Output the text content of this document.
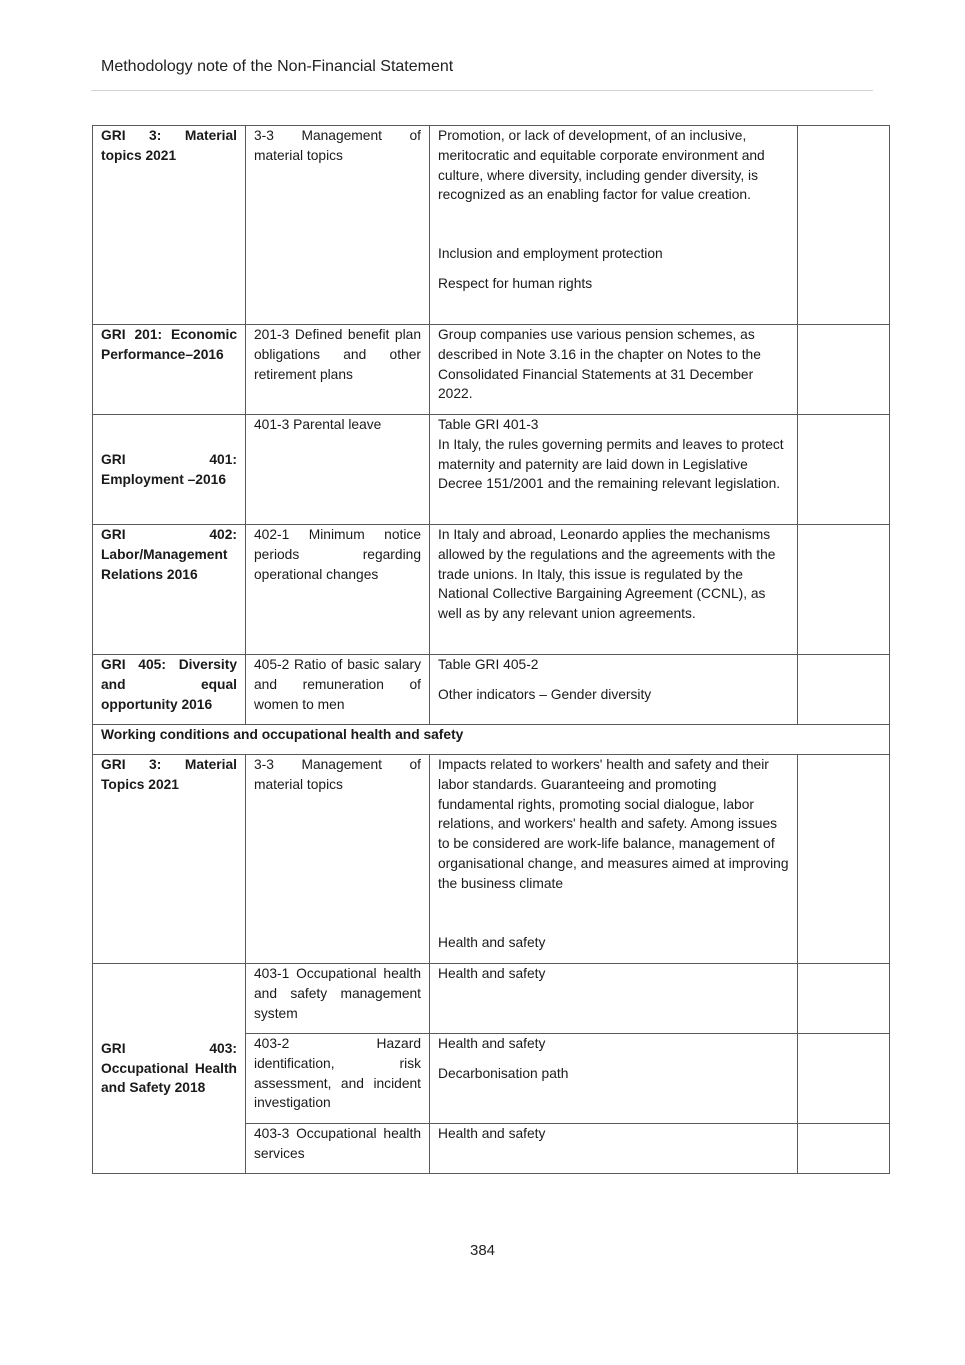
Methodology note of the Non-Financial Statement
GRI 3: Material topics 2021	3-3 Management of material topics	Promotion, or lack of development, of an inclusive, meritocratic and equitable corporate environment and culture, where diversity, including gender diversity, is recognized as an enabling factor for value creation.
Inclusion and employment protection
Respect for human rights	

GRI 201: Economic Performance–2016	201-3 Defined benefit plan obligations and other retirement plans	Group companies use various pension schemes, as described in Note 3.16 in the chapter on Notes to the Consolidated Financial Statements at 31 December 2022.	

GRI 401: Employment –2016	401-3 Parental leave	Table GRI 401-3
In Italy, the rules governing permits and leaves to protect maternity and paternity are laid down in Legislative Decree 151/2001 and the remaining relevant legislation.	

GRI 402: Labor/Management Relations 2016	402-1 Minimum notice periods regarding operational changes	In Italy and abroad, Leonardo applies the mechanisms allowed by the regulations and the agreements with the trade unions. In Italy, this issue is regulated by the National Collective Bargaining Agreement (CCNL), as well as by any relevant union agreements.	

GRI 405: Diversity and equal opportunity 2016	405-2 Ratio of basic salary and remuneration of women to men	Table GRI 405-2
Other indicators – Gender diversity	

Working conditions and occupational health and safety			
GRI 3: Material Topics 2021	3-3 Management of material topics	Impacts related to workers' health and safety and their labor standards. Guaranteeing and promoting fundamental rights, promoting social dialogue, labor relations, and workers' health and safety. Among issues to be considered are work-life balance, management of organisational change, and measures aimed at improving the business climate
Health and safety	

GRI 403: Occupational Health and Safety 2018	403-1 Occupational health and safety management system	Health and safety	

	403-2 Hazard identification, risk assessment, and incident investigation	Health and safety
Decarbonisation path	

	403-3 Occupational health services	Health and safety	

384
